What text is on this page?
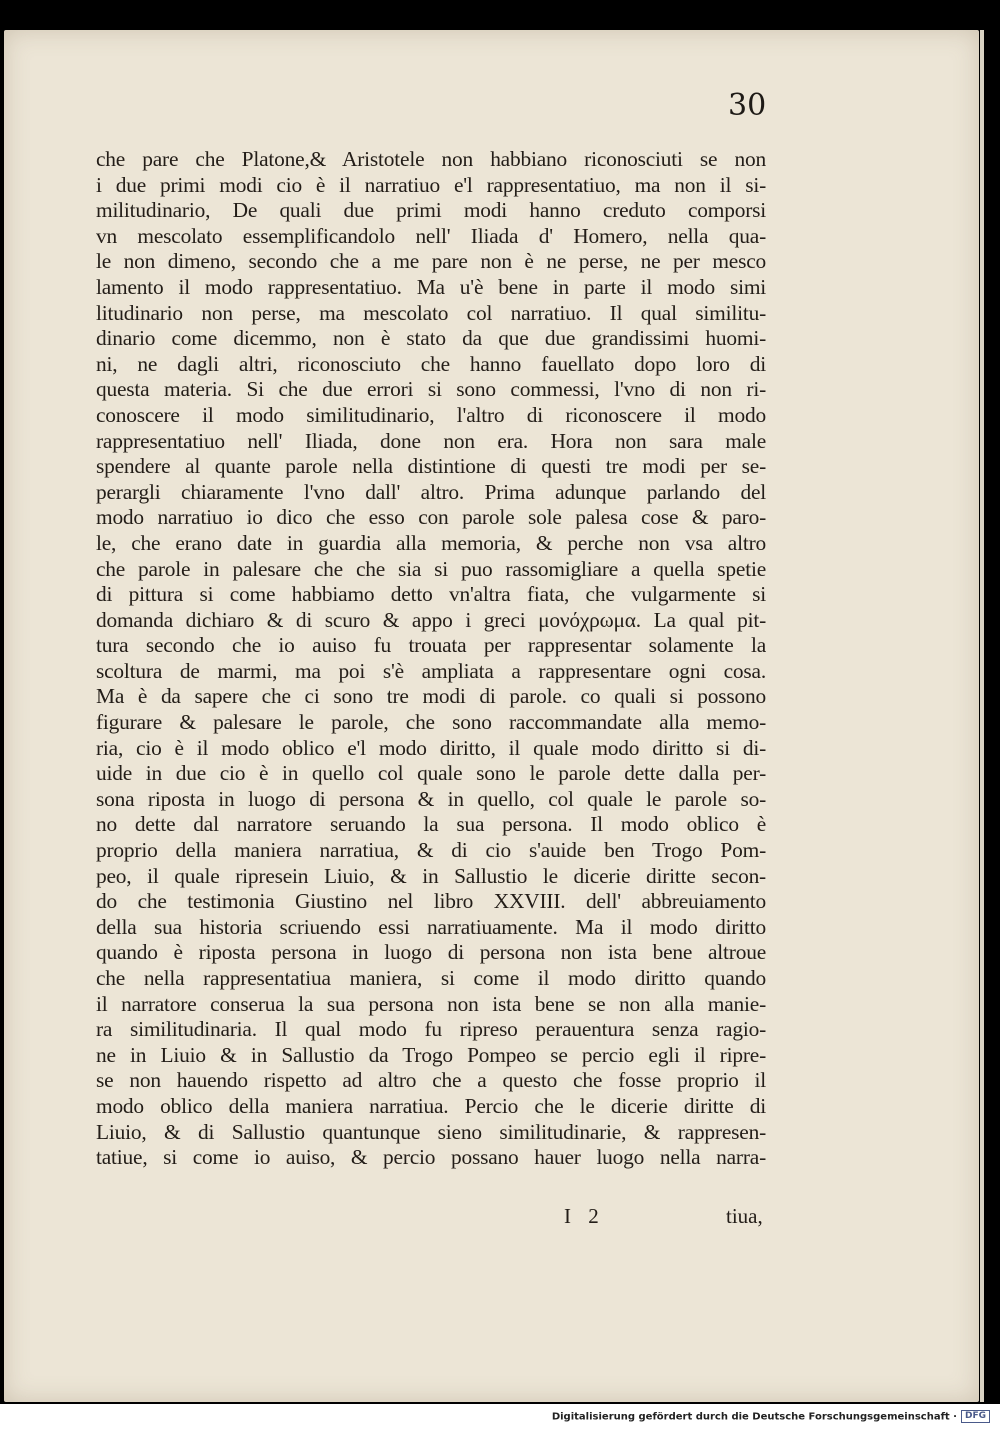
30

che pare che Platone,& Aristotele non habbiano riconosciuti se non
i due primi modi cio è il narratiuo e'l rappresentatiuo, ma non il si-
militudinario, De quali due primi modi hanno creduto comporsi
vn mescolato essemplificandolo nell' Iliada d' Homero, nella qua-
le non dimeno, secondo che a me pare non è ne perse, ne per mesco
lamento il modo rappresentatiuo. Ma u'è bene in parte il modo simi
litudinario non perse, ma mescolato col narratiuo. Il qual similitu-
dinario come dicemmo, non è stato da que due grandissimi huomi-
ni, ne dagli altri, riconosciuto che hanno fauellato dopo loro di
questa materia. Si che due errori si sono commessi, l'vno di non ri-
conoscere il modo similitudinario, l'altro di riconoscere il modo
rappresentatiuo nell' Iliada, done non era. Hora non sara male
spendere al quante parole nella distintione di questi tre modi per se-
perargli chiaramente l'vno dall' altro. Prima adunque parlando del
modo narratiuo io dico che esso con parole sole palesa cose & paro-
le, che erano date in guardia alla memoria, & perche non vsa altro
che parole in palesare che che sia si puo rassomigliare a quella spetie
di pittura si come habbiamo detto vn'altra fiata, che vulgarmente si
domanda dichiaro & di scuro & appo i greci μονόχρωμα. La qual pit-
tura secondo che io auiso fu trouata per rappresentar solamente la
scoltura de marmi, ma poi s'è ampliata a rappresentare ogni cosa.
Ma è da sapere che ci sono tre modi di parole. co quali si possono
figurare & palesare le parole, che sono raccommandate alla memo-
ria, cio è il modo oblico e'l modo diritto, il quale modo diritto si di-
uide in due cio è in quello col quale sono le parole dette dalla per-
sona riposta in luogo di persona & in quello, col quale le parole so-
no dette dal narratore seruando la sua persona. Il modo oblico è
proprio della maniera narratiua, & di cio s'auide ben Trogo Pom-
peo, il quale ripresein Liuio, & in Sallustio le dicerie diritte secon-
do che testimonia Giustino nel libro XXVIII. dell' abbreuiamento
della sua historia scriuendo essi narratiuamente. Ma il modo diritto
quando è riposta persona in luogo di persona non ista bene altroue
che nella rappresentatiua maniera, si come il modo diritto quando
il narratore conserua la sua persona non ista bene se non alla manie-
ra similitudinaria. Il qual modo fu ripreso perauentura senza ragio-
ne in Liuio & in Sallustio da Trogo Pompeo se percio egli il ripre-
se non hauendo rispetto ad altro che a questo che fosse proprio il
modo oblico della maniera narratiua. Percio che le dicerie diritte di
Liuio, & di Sallustio quantunque sieno similitudinarie, & rappresen-
tatiue, si come io auiso, & percio possano hauer luogo nella narra-

I 2	tiua,

Digitalisierung gefördert durch die Deutsche Forschungsgemeinschaft · DFG
